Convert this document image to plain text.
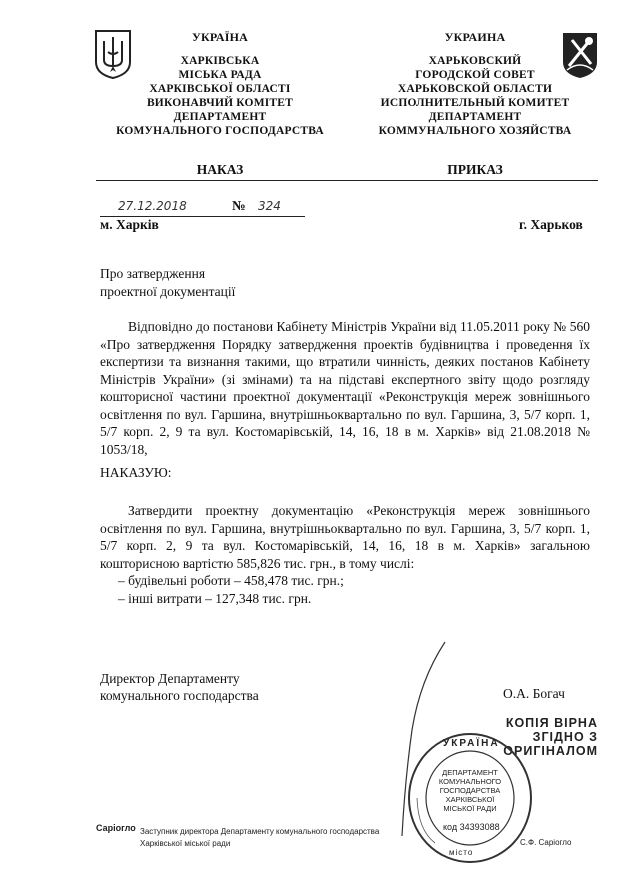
УКРАЇНА
ХАРКІВСЬКА
МІСЬКА РАДА
ХАРКІВСЬКОЇ ОБЛАСТІ
ВИКОНАВЧИЙ КОМІТЕТ
ДЕПАРТАМЕНТ
КОМУНАЛЬНОГО ГОСПОДАРСТВА
УКРАИНА
ХАРЬКОВСКИЙ
ГОРОДСКОЙ СОВЕТ
ХАРЬКОВСКОЙ ОБЛАСТИ
ИСПОЛНИТЕЛЬНЫЙ КОМИТЕТ
ДЕПАРТАМЕНТ
КОММУНАЛЬНОГО ХОЗЯЙСТВА
НАКАЗ	ПРИКАЗ
27.12.2018	№ 324
м. Харків	г. Харьков
Про затвердження
проектної документації
Відповідно до постанови Кабінету Міністрів України від 11.05.2011 року № 560 «Про затвердження Порядку затвердження проектів будівництва і проведення їх експертизи та визнання такими, що втратили чинність, деяких постанов Кабінету Міністрів України» (зі змінами) та на підставі експертного звіту щодо розгляду кошторисної частини проектної документації «Реконструкція мереж зовнішнього освітлення по вул. Гаршина, внутрішньоквартально по вул. Гаршина, 3, 5/7 корп. 1, 5/7 корп. 2, 9 та вул. Костомарівській, 14, 16, 18 в м. Харків» від 21.08.2018 № 1053/18,
НАКАЗУЮ:
Затвердити проектну документацію «Реконструкція мереж зовнішнього освітлення по вул. Гаршина, внутрішньоквартально по вул. Гаршина, 3, 5/7 корп. 1, 5/7 корп. 2, 9 та вул. Костомарівській, 14, 16, 18 в м. Харків» загальною кошторисною вартістю 585,826 тис. грн., в тому числі:
– будівельні роботи – 458,478 тис. грн.;
– інші витрати – 127,348 тис. грн.
Директор Департаменту
комунального господарства	О.А. Богач
КОПІЯ ВІРНА
ЗГІДНО З
ОРИГІНАЛОМ
УКРАЇНА
ДЕПАРТАМЕНТ
КОМУНАЛЬНОГО
ГОСПОДАРСТВА
ХАРКІВСЬКОЇ
МІСЬКОЇ РАДИ
код 34393088
місто
Саріогло Заступник директора Департаменту комунального господарства
Харківської міської ради	С.Ф. Саріогло
